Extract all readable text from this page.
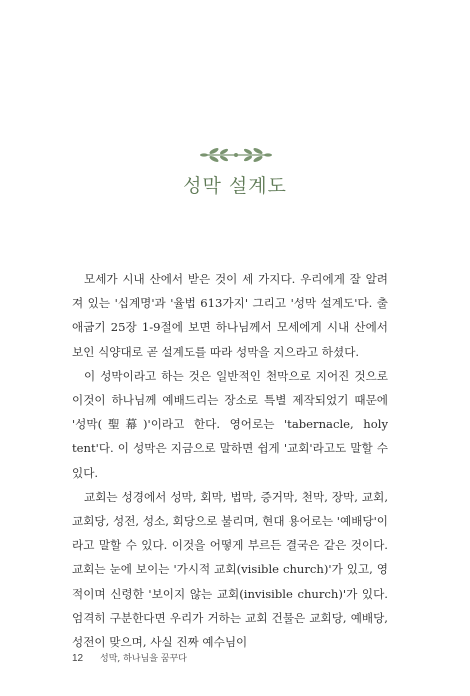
성막 설계도

모세가 시내 산에서 받은 것이 세 가지다. 우리에게 잘 알려져 있는 '십계명'과 '율법 613가지' 그리고 '성막 설계도'다. 출애굽기 25장 1-9절에 보면 하나님께서 모세에게 시내 산에서 보인 식양대로 곧 설계도를 따라 성막을 지으라고 하셨다.

이 성막이라고 하는 것은 일반적인 천막으로 지어진 것으로 이것이 하나님께 예배드리는 장소로 특별 제작되었기 때문에 '성막(聖幕)'이라고 한다. 영어로는 'tabernacle, holy tent'다. 이 성막은 지금으로 말하면 쉽게 '교회'라고도 말할 수 있다.

교회는 성경에서 성막, 회막, 법막, 증거막, 천막, 장막, 교회, 교회당, 성전, 성소, 회당으로 불리며, 현대 용어로는 '예배당'이라고 말할 수 있다. 이것을 어떻게 부르든 결국은 같은 것이다. 교회는 눈에 보이는 '가시적 교회(visible church)'가 있고, 영적이며 신령한 '보이지 않는 교회(invisible church)'가 있다. 엄격히 구분한다면 우리가 거하는 교회 건물은 교회당, 예배당, 성전이 맞으며, 사실 진짜 예수님이

12 성막, 하나님을 꿈꾸다
